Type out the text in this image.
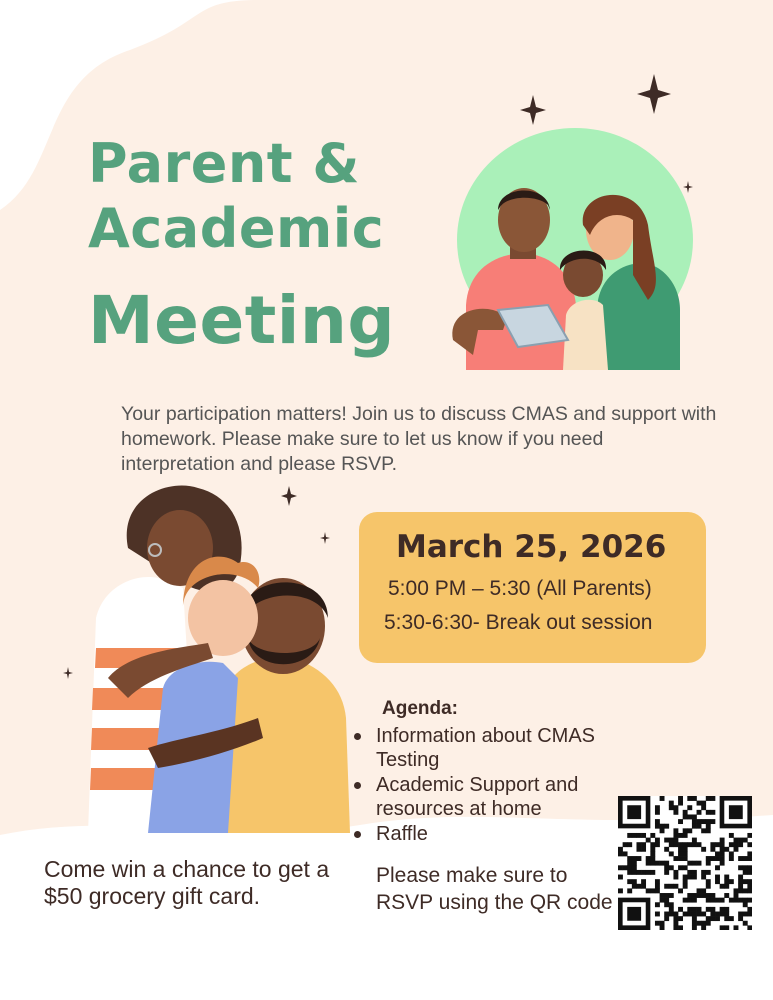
Parent &
Academic
Meeting

Your participation matters! Join us to discuss CMAS and support with homework. Please make sure to let us know if you need interpretation and please RSVP.

March 25, 2026

5:00 PM – 5:30 (All Parents)

5:30-6:30- Break out session

Agenda:

Information about CMAS Testing
Academic Support and resources at home
Raffle

Come win a chance to get a $50 grocery gift card.

Please make sure to RSVP using the QR code
